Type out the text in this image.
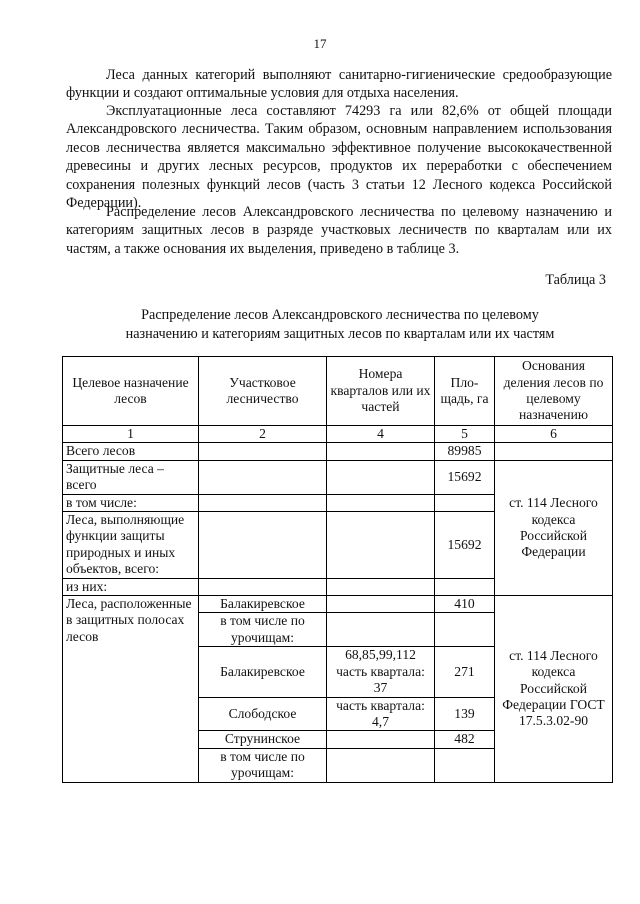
17

Леса данных категорий выполняют санитарно-гигиенические средообразующие функции и создают оптимальные условия для отдыха населения.

Эксплуатационные леса составляют 74293 га или 82,6% от общей площади Александровского лесничества. Таким образом, основным направлением использования лесов лесничества является максимально эффективное получение высококачественной древесины и других лесных ресурсов, продуктов их переработки с обеспечением сохранения полезных функций лесов (часть 3 статьи 12 Лесного кодекса Российской Федерации).

Распределение лесов Александровского лесничества по целевому назначению и категориям защитных лесов в разряде участковых лесничеств по кварталам или их частям, а также основания их выделения, приведено в таблице 3.

Таблица 3
Распределение лесов Александровского лесничества по целевому
назначению и категориям защитных лесов по кварталам или их частям
Целевое назначение лесов	Участковое лесничество	Номера кварталов или их частей	Пло-щадь, га	Основания деления лесов по целевому назначению
1	2	4	5	6
Всего лесов			89985	
Защитные леса – всего			15692	ст. 114 Лесного кодекса Российской Федерации
в том числе:				
Леса, выполняющие функции защиты природных и иных объектов, всего:			15692	
из них:				
Леса, расположенные в защитных полосах лесов	Балакиревское		410	ст. 114 Лесного кодекса Российской Федерации ГОСТ 17.5.3.02-90
	в том числе по урочищам:			
	Балакиревское	68,85,99,112 часть квартала: 37	271	
	Слободское	часть квартала: 4,7	139	
	Струнинское		482	
	в том числе по урочищам:			
